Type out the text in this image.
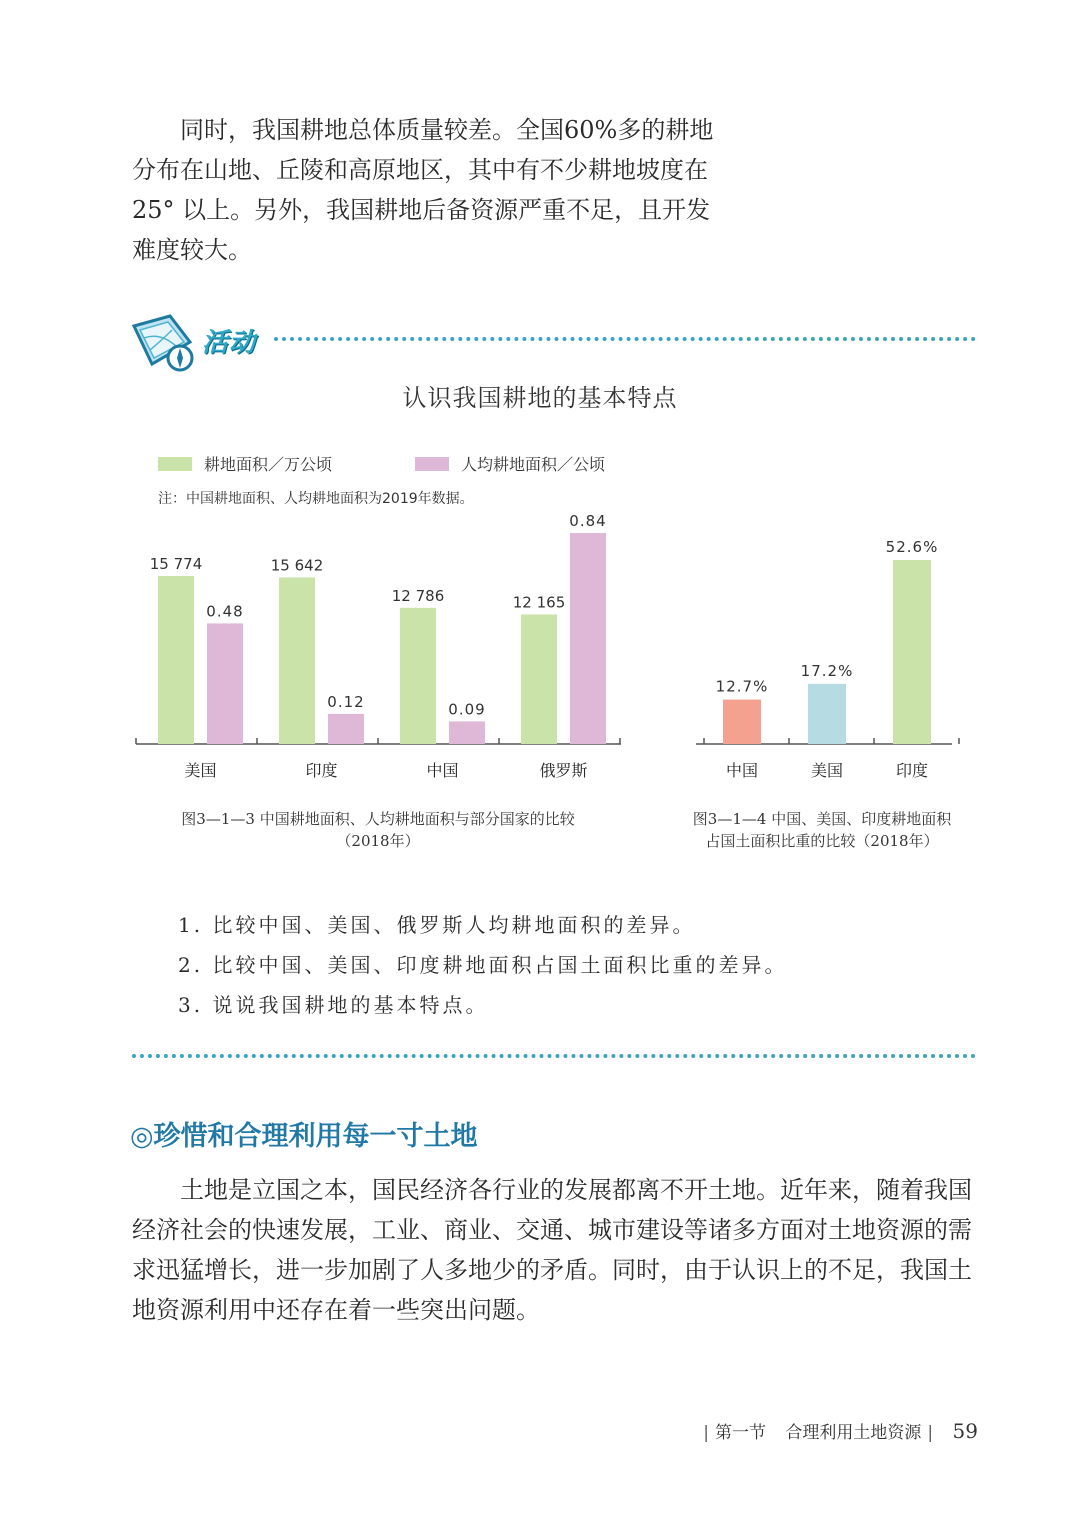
同时，我国耕地总体质量较差。全国60%多的耕地分布在山地、丘陵和高原地区，其中有不少耕地坡度在25° 以上。另外，我国耕地后备资源严重不足，且开发难度较大。

活动
认识我国耕地的基本特点
耕地面积／万公顷	人均耕地面积／公顷
注：中国耕地面积、人均耕地面积为2019年数据。
15 774
0.48
美国
15 642
0.12
印度
12 786
0.09
中国
12 165
0.84
俄罗斯
12.7%
中国
17.2%
美国
52.6%
印度
图3—1—3 中国耕地面积、人均耕地面积与部分国家的比较
（2018年）
图3—1—4 中国、美国、印度耕地面积
占国土面积比重的比较（2018年）
1. 比较中国、美国、俄罗斯人均耕地面积的差异。
2. 比较中国、美国、印度耕地面积占国土面积比重的差异。
3. 说说我国耕地的基本特点。
◎珍惜和合理利用每一寸土地

土地是立国之本，国民经济各行业的发展都离不开土地。近年来，随着我国经济社会的快速发展，工业、商业、交通、城市建设等诸多方面对土地资源的需求迅猛增长，进一步加剧了人多地少的矛盾。同时，由于认识上的不足，我国土地资源利用中还存在着一些突出问题。

| 第一节 合理利用土地资源 | 59
